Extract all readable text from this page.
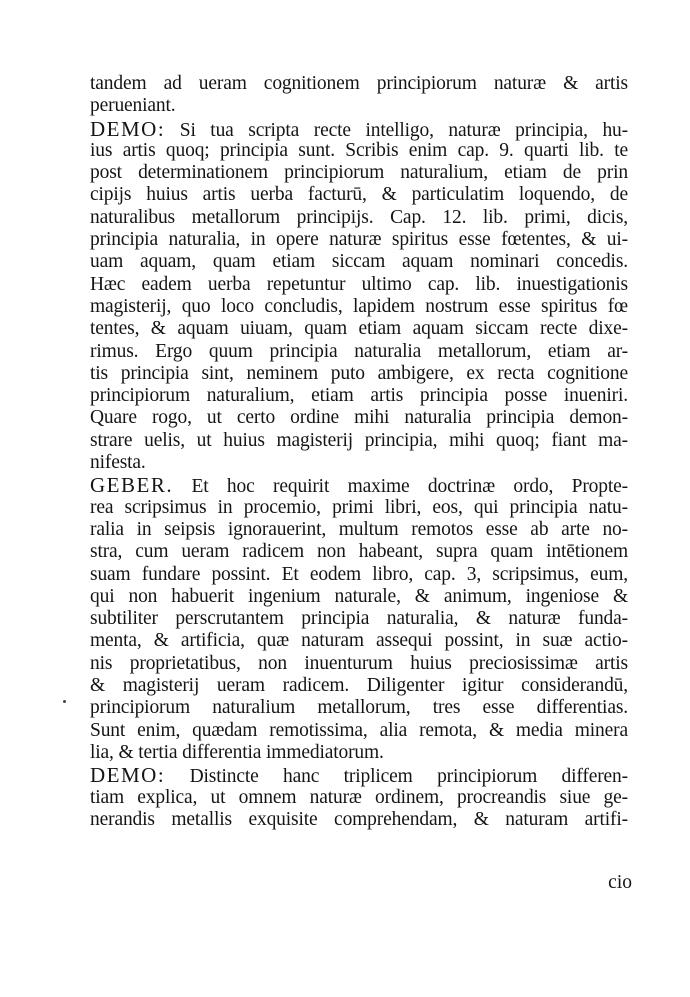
tandem ad ueram cognitionem principiorum naturæ & artis
perueniant.
DEMO: Si tua scripta recte intelligo, naturæ principia, hu-
ius artis quoq; principia sunt. Scribis enim cap. 9. quarti lib. te
post determinationem principiorum naturalium, etiam de prin
cipijs huius artis uerba facturū, & particulatim loquendo, de
naturalibus metallorum principijs. Cap. 12. lib. primi, dicis,
principia naturalia, in opere naturæ spiritus esse fœtentes, & ui-
uam aquam, quam etiam siccam aquam nominari concedis.
Hæc eadem uerba repetuntur ultimo cap. lib. inuestigationis
magisterij, quo loco concludis, lapidem nostrum esse spiritus fœ
tentes, & aquam uiuam, quam etiam aquam siccam recte dixe-
rimus. Ergo quum principia naturalia metallorum, etiam ar-
tis principia sint, neminem puto ambigere, ex recta cognitione
principiorum naturalium, etiam artis principia posse inueniri.
Quare rogo, ut certo ordine mihi naturalia principia demon-
strare uelis, ut huius magisterij principia, mihi quoq; fiant ma-
nifesta.
GEBER. Et hoc requirit maxime doctrinæ ordo, Propte-
rea scripsimus in procemio, primi libri, eos, qui principia natu-
ralia in seipsis ignorauerint, multum remotos esse ab arte no-
stra, cum ueram radicem non habeant, supra quam intētionem
suam fundare possint. Et eodem libro, cap. 3, scripsimus, eum,
qui non habuerit ingenium naturale, & animum, ingeniose &
subtiliter perscrutantem principia naturalia, & naturæ funda-
menta, & artificia, quæ naturam assequi possint, in suæ actio-
nis proprietatibus, non inuenturum huius preciosissimæ artis
& magisterij ueram radicem. Diligenter igitur considerandū,
principiorum naturalium metallorum, tres esse differentias.
Sunt enim, quædam remotissima, alia remota, & media minera
lia, & tertia differentia immediatorum.
DEMO: Distincte hanc triplicem principiorum differen-
tiam explica, ut omnem naturæ ordinem, procreandis siue ge-
nerandis metallis exquisite comprehendam, & naturam artifi-
cio
